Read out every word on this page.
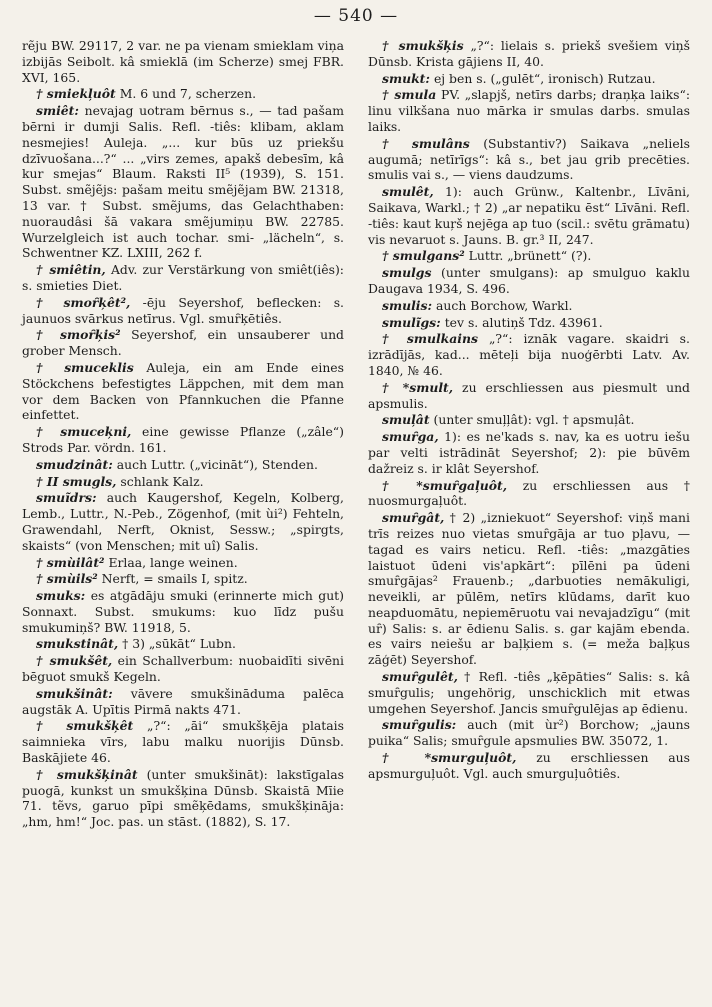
— 540 —

rẽju BW. 29117, 2 var. ne pa vienam smieklam viņa izbijās Seibolt. kâ smieklā (im Scherze) smej FBR. XVI, 165.

† smiekļuôt M. 6 und 7, scherzen.

smiêt: nevajag uotram bērnus s., — tad pašam bērni ir dumji Salis. Refl. -tiês: klibam, aklam nesmejies! Auleja. „... kur būs uz priekšu dzīvuošana...?“ ... „virs zemes, apakš debesīm, kâ kur smejas“ Blaum. Raksti II⁵ (1939), S. 151. Subst. smẽjẽjs: pašam meitu smẽjẽjam BW. 21318, 13 var. † Subst. smẽjums, das Gelachthaben: nuoraudâsi šā vakara smẽjumiņu BW. 22785. Wurzelgleich ist auch tochar. smi- „lächeln“, s. Schwentner KZ. LXIII, 262 f.

† smiêtin, Adv. zur Verstärkung von smiêt(iês): s. smieties Diet.

† smoȓķêt², -ēju Seyershof, beflecken: s. jaunuos svārkus netīrus. Vgl. smuȓķētiês.

† smoȓķis² Seyershof, ein unsauberer und grober Mensch.

† smuceklis Auleja, ein am Ende eines Stöckchens befestigtes Läppchen, mit dem man vor dem Backen von Pfannkuchen die Pfanne einfettet.

† smuceķni, eine gewisse Pflanze („zâle“) Strods Par. vördn. 161.

smudzinât: auch Luttr. („vicināt“), Stenden.

† II smugls, schlank Kalz.

smuĩdrs: auch Kaugershof, Kegeln, Kolberg, Lemb., Luttr., N.-Peb., Zögenhof, (mit ùi²) Fehteln, Grawendahl, Nerft, Oknist, Sessw.; „spirgts, skaists“ (von Menschen; mit uî) Salis.

† smùilât² Erlaa, lange weinen.

† smùils² Nerft, = smails I, spitz.

smuks: es atgādāju smuki (erinnerte mich gut) Sonnaxt. Subst. smukums: kuo līdz pušu smukumiņš? BW. 11918, 5.

smukstinât, † 3) „sūkāt“ Lubn.

† smukšêt, ein Schallverbum: nuobaidīti sivēni bēguot smukš Kegeln.

smukšinât: vāvere smukšināduma palēca augstāk A. Upītis Pirmā nakts 471.

† smukšķêt „?“: „āi“ smukšķēja platais saimnieka vīrs, labu malku nuorijis Dūnsb. Baskājiete 46.

† smukšķinât (unter smukšināt): lakstīgalas puogā, kunkst un smukšķina Dūnsb. Skaistā Mīie 71. tẽvs, garuo pīpi smẽķēdams, smukšķināja: „hm, hm!“ Joc. pas. un stāst. (1882), S. 17.

† smukšķis „?“: lielais s. priekš svešiem viņš Dūnsb. Krista gājiens II, 40.

smukt: ej ben s. („gulēt“, ironisch) Rutzau.

† smula PV. „slapjš, netīrs darbs; draņķa laiks“: linu vilkšana nuo mārka ir smulas darbs. smulas laiks.

† smulâns (Substantiv?) Saikava „neliels augumā; netīrīgs“: kâ s., bet jau grib precēties. smulis vai s., — viens daudzums.

smulêt, 1): auch Grünw., Kaltenbr., Līvāni, Saikava, Warkl.; † 2) „ar nepatiku ēst“ Līvāni. Refl. -tiês: kaut kuŗš nejēga ap tuo (scil.: svētu grāmatu) vis nevaruot s. Jauns. B. gr.³ II, 247.

† smulgans² Luttr. „brünett“ (?).

smulgs (unter smulgans): ap smulguo kaklu Daugava 1934, S. 496.

smulis: auch Borchow, Warkl.

smulĩgs: tev s. alutiņš Tdz. 43961.

† smulkains „?“: iznāk vagare. skaidri s. izrādījās, kad... mēteļi bija nuoģērbti Latv. Av. 1840, № 46.

† *smult, zu erschliessen aus piesmult und apsmulis.

smuļât (unter smuļļât): vgl. † apsmuļât.

smuȓga, 1): es ne'kads s. nav, ka es uotru iešu par velti istrādināt Seyershof; 2): pie būvēm dažreiz s. ir klât Seyershof.

† *smuȓgaļuôt, zu erschliessen aus † nuosmurgaļuôt.

smuȓgât, † 2) „izniekuot“ Seyershof: viņš mani trīs reizes nuo vietas smuȓgāja ar tuo pļavu, — tagad es vairs neticu. Refl. -tiês: „mazgāties laistuot ūdeni vis'apkārt“: pīlēni pa ūdeni smuȓgājas² Frauenb.; „darbuoties nemākuligi, neveikli, ar pūlēm, netīrs klūdams, darīt kuo neapduomātu, nepiemēruotu vai nevajadzīgu“ (mit uȓ) Salis: s. ar ēdienu Salis. s. gar kajām ebenda. es vairs neiešu ar baļķiem s. (= meža baļķus zāģēt) Seyershof.

smuȓgulêt, † Refl. -tiês „ķēpāties“ Salis: s. kâ smuȓgulis; ungehörig, unschicklich mit etwas umgehen Seyershof. Jancis smuȓgulējas ap ēdienu.

smuȓgulis: auch (mit ùr²) Borchow; „jauns puika“ Salis; smuȓgule apsmulies BW. 35072, 1.

† *smurguļuôt, zu erschliessen aus apsmurguļuôt. Vgl. auch smurguļuôtiês.
